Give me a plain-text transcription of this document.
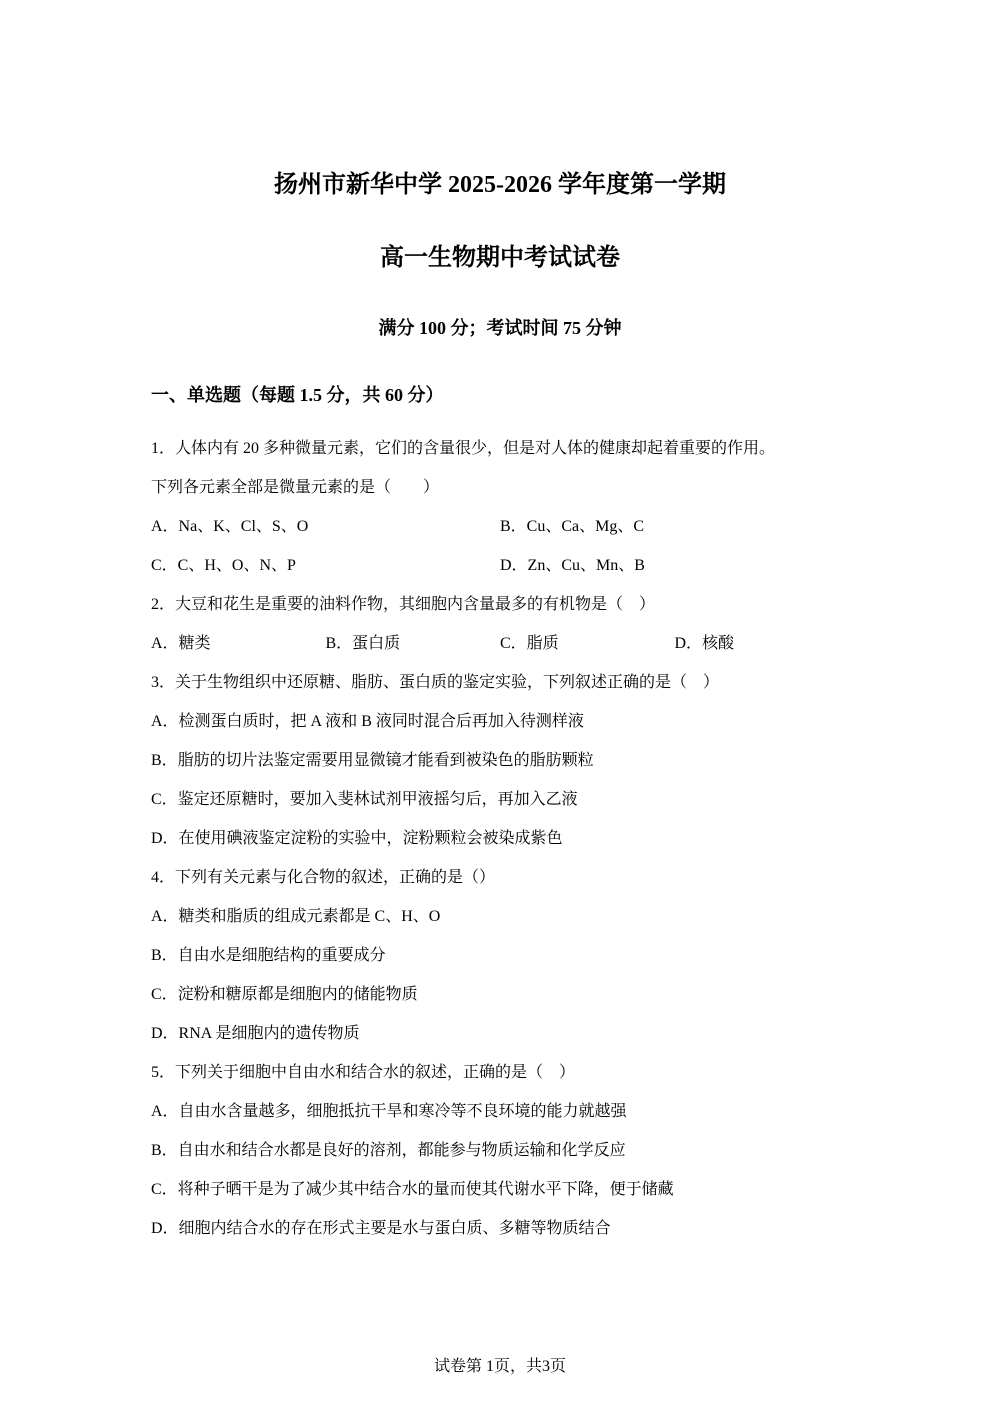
扬州市新华中学 2025-2026 学年度第一学期
高一生物期中考试试卷
满分 100 分；考试时间 75 分钟
一、单选题（每题 1.5 分，共 60 分）
1．人体内有 20 多种微量元素，它们的含量很少，但是对人体的健康却起着重要的作用。
下列各元素全部是微量元素的是（　　）
A．Na、K、Cl、S、O	B．Cu、Ca、Mg、C
C．C、H、O、N、P	D．Zn、Cu、Mn、B
2．大豆和花生是重要的油料作物，其细胞内含量最多的有机物是（　）
A．糖类	B．蛋白质	C．脂质	D．核酸
3．关于生物组织中还原糖、脂肪、蛋白质的鉴定实验，下列叙述正确的是（　）
A．检测蛋白质时，把 A 液和 B 液同时混合后再加入待测样液
B．脂肪的切片法鉴定需要用显微镜才能看到被染色的脂肪颗粒
C．鉴定还原糖时，要加入斐林试剂甲液摇匀后，再加入乙液
D．在使用碘液鉴定淀粉的实验中，淀粉颗粒会被染成紫色
4．下列有关元素与化合物的叙述，正确的是（）
A．糖类和脂质的组成元素都是 C、H、O
B．自由水是细胞结构的重要成分
C．淀粉和糖原都是细胞内的储能物质
D．RNA 是细胞内的遗传物质
5．下列关于细胞中自由水和结合水的叙述，正确的是（　）
A．自由水含量越多，细胞抵抗干旱和寒冷等不良环境的能力就越强
B．自由水和结合水都是良好的溶剂，都能参与物质运输和化学反应
C．将种子晒干是为了减少其中结合水的量而使其代谢水平下降，便于储藏
D．细胞内结合水的存在形式主要是水与蛋白质、多糖等物质结合
试卷第 1页，共3页
